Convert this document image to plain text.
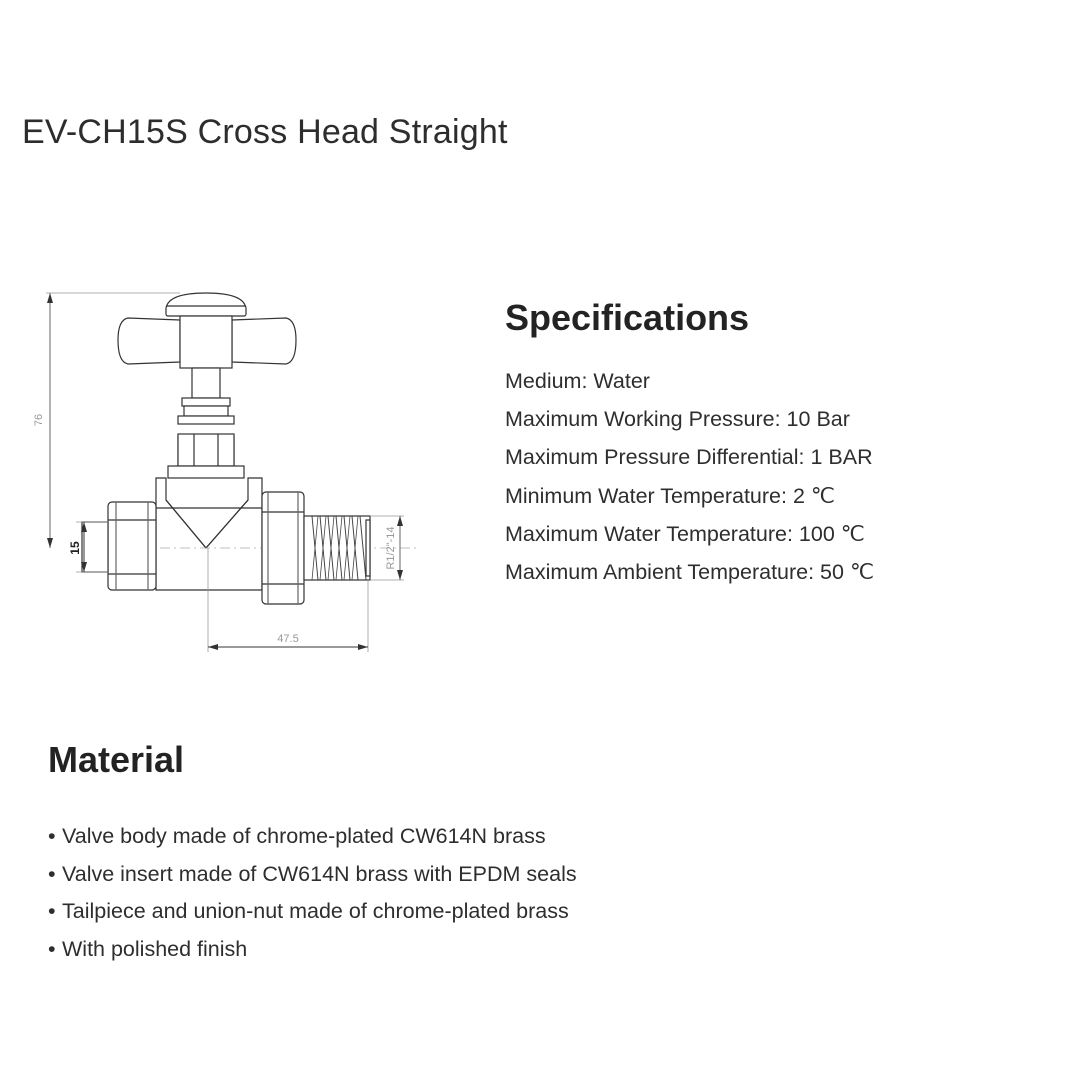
EV-CH15S Cross Head Straight
76
R1/2"-14
15
47.5
Specifications
Medium: Water
Maximum Working Pressure: 10 Bar
Maximum Pressure Differential: 1 BAR
Minimum Water Temperature: 2 ℃
Maximum Water Temperature: 100 ℃
Maximum Ambient Temperature: 50 ℃
Material
• Valve body made of chrome-plated CW614N brass
• Valve insert made of CW614N brass with EPDM seals
• Tailpiece and union-nut made of chrome-plated brass
• With polished finish
